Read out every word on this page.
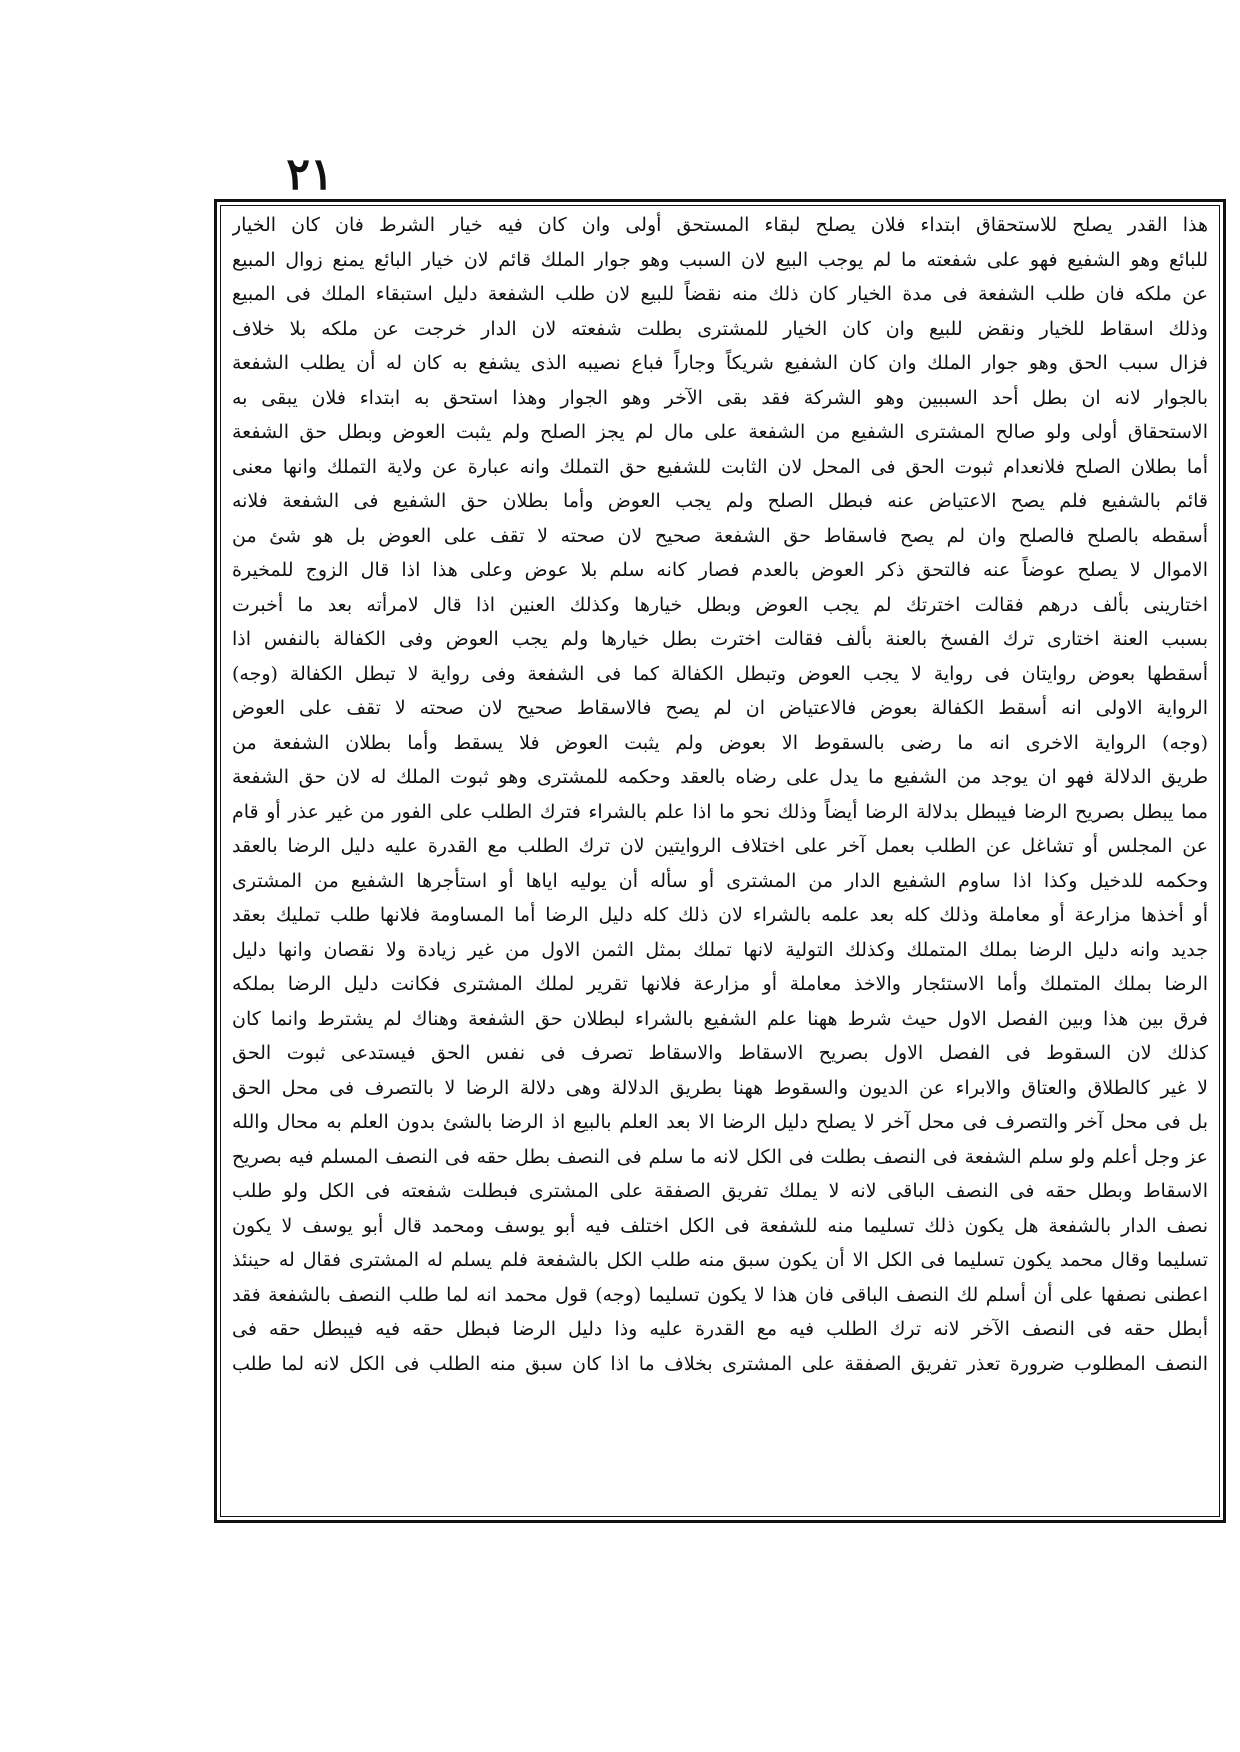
٢١
هذا القدر يصلح للاستحقاق ابتداء فلان يصلح لبقاء المستحق أولى وان كان فيه خيار الشرط فان كان الخيار
للبائع وهو الشفيع فهو على شفعته ما لم يوجب البيع لان السبب وهو جوار الملك قائم لان خيار البائع يمنع زوال المبيع
عن ملكه فان طلب الشفعة فى مدة الخيار كان ذلك منه نقضاً للبيع لان طلب الشفعة دليل استبقاء الملك فى المبيع
وذلك اسقاط للخيار ونقض للبيع وان كان الخيار للمشترى بطلت شفعته لان الدار خرجت عن ملكه بلا خلاف
فزال سبب الحق وهو جوار الملك وان كان الشفيع شريكاً وجاراً فباع نصيبه الذى يشفع به كان له أن يطلب الشفعة
بالجوار لانه ان بطل أحد السببين وهو الشركة فقد بقى الآخر وهو الجوار وهذا استحق به ابتداء فلان يبقى به
الاستحقاق أولى ولو صالح المشترى الشفيع من الشفعة على مال لم يجز الصلح ولم يثبت العوض وبطل حق الشفعة
أما بطلان الصلح فلانعدام ثبوت الحق فى المحل لان الثابت للشفيع حق التملك وانه عبارة عن ولاية التملك وانها معنى
قائم بالشفيع فلم يصح الاعتياض عنه فبطل الصلح ولم يجب العوض وأما بطلان حق الشفيع فى الشفعة فلانه
أسقطه بالصلح فالصلح وان لم يصح فاسقاط حق الشفعة صحيح لان صحته لا تقف على العوض بل هو شئ من
الاموال لا يصلح عوضاً عنه فالتحق ذكر العوض بالعدم فصار كانه سلم بلا عوض وعلى هذا اذا قال الزوج للمخيرة
اختارينى بألف درهم فقالت اخترتك لم يجب العوض وبطل خيارها وكذلك العنين اذا قال لامرأته بعد ما أخبرت
بسبب العنة اختارى ترك الفسخ بالعنة بألف فقالت اخترت بطل خيارها ولم يجب العوض وفى الكفالة بالنفس اذا
أسقطها بعوض روايتان فى رواية لا يجب العوض وتبطل الكفالة كما فى الشفعة وفى رواية لا تبطل الكفالة (وجه)
الرواية الاولى انه أسقط الكفالة بعوض فالاعتياض ان لم يصح فالاسقاط صحيح لان صحته لا تقف على العوض
(وجه) الرواية الاخرى انه ما رضى بالسقوط الا بعوض ولم يثبت العوض فلا يسقط وأما بطلان الشفعة من
طريق الدلالة فهو ان يوجد من الشفيع ما يدل على رضاه بالعقد وحكمه للمشترى وهو ثبوت الملك له لان حق الشفعة
مما يبطل بصريح الرضا فيبطل بدلالة الرضا أيضاً وذلك نحو ما اذا علم بالشراء فترك الطلب على الفور من غير عذر أو قام
عن المجلس أو تشاغل عن الطلب بعمل آخر على اختلاف الروايتين لان ترك الطلب مع القدرة عليه دليل الرضا بالعقد
وحكمه للدخيل وكذا اذا ساوم الشفيع الدار من المشترى أو سأله أن يوليه اياها أو استأجرها الشفيع من المشترى
أو أخذها مزارعة أو معاملة وذلك كله بعد علمه بالشراء لان ذلك كله دليل الرضا أما المساومة فلانها طلب تمليك بعقد
جديد وانه دليل الرضا بملك المتملك وكذلك التولية لانها تملك بمثل الثمن الاول من غير زيادة ولا نقصان وانها دليل
الرضا بملك المتملك وأما الاستئجار والاخذ معاملة أو مزارعة فلانها تقرير لملك المشترى فكانت دليل الرضا بملكه
فرق بين هذا وبين الفصل الاول حيث شرط ههنا علم الشفيع بالشراء لبطلان حق الشفعة وهناك لم يشترط وانما كان
كذلك لان السقوط فى الفصل الاول بصريح الاسقاط والاسقاط تصرف فى نفس الحق فيستدعى ثبوت الحق
لا غير كالطلاق والعتاق والابراء عن الديون والسقوط ههنا بطريق الدلالة وهى دلالة الرضا لا بالتصرف فى محل الحق
بل فى محل آخر والتصرف فى محل آخر لا يصلح دليل الرضا الا بعد العلم بالبيع اذ الرضا بالشئ بدون العلم به محال والله
عز وجل أعلم ولو سلم الشفعة فى النصف بطلت فى الكل لانه ما سلم فى النصف بطل حقه فى النصف المسلم فيه بصريح
الاسقاط وبطل حقه فى النصف الباقى لانه لا يملك تفريق الصفقة على المشترى فبطلت شفعته فى الكل ولو طلب
نصف الدار بالشفعة هل يكون ذلك تسليما منه للشفعة فى الكل اختلف فيه أبو يوسف ومحمد قال أبو يوسف لا يكون
تسليما وقال محمد يكون تسليما فى الكل الا أن يكون سبق منه طلب الكل بالشفعة فلم يسلم له المشترى فقال له حينئذ
اعطنى نصفها على أن أسلم لك النصف الباقى فان هذا لا يكون تسليما (وجه) قول محمد انه لما طلب النصف بالشفعة فقد
أبطل حقه فى النصف الآخر لانه ترك الطلب فيه مع القدرة عليه وذا دليل الرضا فبطل حقه فيه فيبطل حقه فى
النصف المطلوب ضرورة تعذر تفريق الصفقة على المشترى بخلاف ما اذا كان سبق منه الطلب فى الكل لانه لما طلب
